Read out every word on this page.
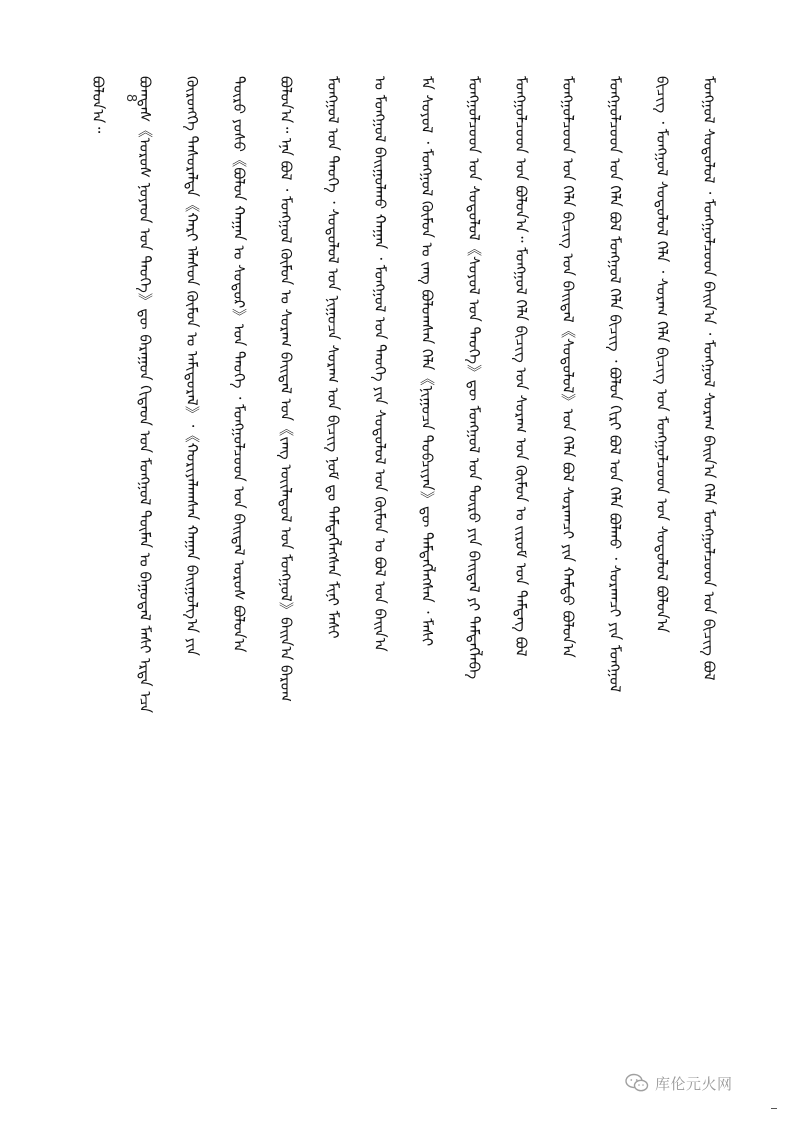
8
ᠪᠣᠯᠤᠨ᠎ᠠ᠃ ᠪᠣᠭᠳᠠᠰ《ᠤᠷᠤᠰ ᠨᠣᠶᠠᠳ ᠤᠨ ᠲᠡᠦᠬᠡ》ᠳᠦ ᠪᠠᠷᠠᠭᠤᠨ ᠬᠢᠲᠠᠳ ᠤᠨ ᠮᠣᠩᠭᠣᠯ ᠲᠦᠮᠡᠨ ᠤ ᠪᠠᠭᠤᠳᠠᠯ ᠮᠠᠰᠢ ᠡᠷᠲᠡ ᠡᠴᠡ ᠬᠥᠷᠦᠩᠭᠡ ᠲᠠᠰᠤᠷᠠᠯᠲᠠ《ᠬᠠᠷᠢ ᠡᠯᠡᠰᠦᠨ ᠬᠦᠮᠦᠨ ᠤ ᠠᠮᠢᠳᠤᠷᠠᠯ》᠂《ᠬᠣᠷᠢᠶᠠᠯᠠᠭᠰᠠᠨ ᠬᠠᠭᠠᠨ ᠪᠠᠢᠭᠤᠯᠭ᠎ᠠ ᠶᠢᠨ ᠲᠦᠷᠦ ᠶᠣᠰᠣ《ᠪᠣᠯᠤᠨ ᠬᠠᠭᠠᠨ ᠤ ᠰᠤᠳᠤᠷ》ᠤᠨ ᠲᠡᠦᠬᠡ ᠂ ᠮᠣᠩᠭᠣᠯᠴᠤᠳ ᠤᠨ ᠪᠠᠢᠳᠠᠯ ᠤᠷᠤᠰ ᠪᠣᠯᠤᠨ᠎ᠠ ᠪᠣᠯᠤᠨ᠎ᠠ᠃ ᠡᠨᠡ ᠪᠣᠯ ᠂ ᠮᠣᠩᠭᠣᠯ ᠬᠦᠮᠦᠨ ᠤ ᠰᠤᠷᠠᠭ ᠪᠠᠢᠳᠠᠯ ᠤᠨ《ᠵᠠᠩ ᠦᠢᠯᠡᠳᠦᠯ ᠤᠨ ᠮᠣᠩᠭᠣᠯ》ᠪᠠᠢᠨ᠎ᠠ ᠪᠠᠷᠤᠭ ᠮᠣᠩᠭᠣᠯ ᠤᠨ ᠲᠡᠦᠬᠡ ᠂ ᠰᠤᠳᠤᠯᠤᠯ ᠤᠨ ᠨᠢᠭᠤᠴᠠ ᠰᠤᠷᠠᠭ ᠤᠨ ᠪᠢᠴᠢᠭ ᠨᠣᠮ ᠳᠤ ᠲᠡᠮᠳᠡᠭᠯᠡᠭᠰᠡᠨ ᠮᠢᠨᠢ ᠮᠠᠰᠢ ᠤ ᠮᠣᠩᠭᠣᠯ ᠪᠠᠢᠭᠤᠯᠬᠤ ᠬᠠᠭᠠᠨ ᠂ ᠮᠣᠩᠭᠣᠯ ᠤᠨ ᠲᠡᠦᠬᠡ ᠶᠢᠨ ᠰᠤᠳᠤᠯᠤᠯ ᠤᠨ ᠬᠦᠮᠦᠨ ᠤ ᠪᠣᠯ ᠤᠨ ᠪᠠᠢᠨ᠎ᠠ ᠮᠠ ᠰᠣᠶᠣᠯ ᠂ ᠮᠣᠩᠭᠣᠯ ᠬᠦᠮᠦᠨ ᠤ ᠵᠠᠩ ᠪᠣᠯᠤᠭᠰᠠᠨ ᠬᠡᠯᠡ《ᠨᠢᠭᠤᠴᠠ ᠲᠣᠪᠴᠢᠶᠠᠨ》ᠳᠦ ᠲᠡᠮᠳᠡᠭᠯᠡᠭᠰᠡᠨ ᠂ ᠮᠠᠰᠢ ᠮᠣᠩᠭᠣᠯᠴᠤᠳ ᠤᠨ ᠰᠤᠳᠤᠯᠤᠯ《ᠰᠣᠶᠣᠯ ᠤᠨ ᠲᠡᠦᠬᠡ》ᠳᠦ ᠮᠣᠩᠭᠣᠯ ᠤᠨ ᠲᠦᠷᠦ ᠶᠢᠨ ᠪᠠᠢᠳᠠᠯ ᠶᠢ ᠲᠡᠮᠳᠡᠭᠯᠡᠪᠡ ᠮᠣᠩᠭᠣᠯᠴᠤᠳ ᠤᠨ ᠪᠣᠯᠤᠨ᠎ᠠ᠃ ᠮᠣᠩᠭᠣᠯ ᠬᠡᠯᠡ ᠪᠢᠴᠢᠭ ᠤᠨ ᠰᠤᠷᠠᠭ ᠤᠨ ᠬᠦᠮᠦᠨ ᠤ ᠵᠢᠷᠤᠮ ᠤᠨ ᠲᠡᠮᠳᠡᠭ ᠪᠣᠯ ᠮᠣᠩᠭᠣᠯᠴᠤᠳ ᠤᠨ ᠬᠡᠯᠡ ᠪᠢᠴᠢᠭ ᠤᠨ ᠪᠠᠢᠳᠠᠯ《ᠰᠤᠳᠤᠯᠤᠯ》ᠤᠨ ᠬᠡᠯᠡ ᠪᠣᠯ ᠰᠤᠷᠠᠭᠴᠢ ᠶᠢᠨ ᠬᠠᠮᠲᠤ ᠪᠣᠯᠤᠨ᠎ᠠ ᠮᠣᠩᠭᠣᠯᠴᠤᠳ ᠤᠨ ᠬᠡᠯᠡ ᠪᠣᠯ ᠮᠣᠩᠭᠣᠯ ᠬᠡᠯᠡ ᠪᠢᠴᠢᠭ ᠂ ᠪᠣᠯᠤᠨ ᠬᠢᠷᠢ ᠪᠣᠯ ᠤᠨ ᠬᠡᠯᠡ ᠪᠣᠯᠬᠤ ᠂ ᠰᠤᠷᠠᠭᠴᠢ ᠶᠢᠨ ᠮᠣᠩᠭᠣᠯ ᠪᠢᠴᠢᠭ ᠂ ᠮᠣᠩᠭᠣᠯ ᠰᠤᠳᠤᠯᠤᠯ ᠬᠡᠯᠡ ᠂ ᠰᠤᠷᠠᠭ ᠬᠡᠯᠡ ᠪᠢᠴᠢᠭ ᠤᠨ ᠮᠣᠩᠭᠣᠯᠴᠤᠳ ᠤᠨ ᠰᠤᠳᠤᠯᠤᠯ ᠪᠣᠯᠤᠨ᠎ᠠ ᠮᠣᠩᠭᠣᠯ ᠰᠤᠳᠤᠯᠤᠯ ᠂ ᠮᠣᠩᠭᠣᠯᠴᠤᠳ ᠪᠠᠢᠨ᠎ᠠ ᠂ ᠮᠣᠩᠭᠣᠯ ᠰᠤᠷᠠᠭ ᠪᠠᠢᠨ᠎ᠠ ᠬᠡᠯᠡ ᠮᠣᠩᠭᠣᠯᠴᠤᠳ ᠤᠨ ᠪᠢᠴᠢᠭ ᠪᠣᠯ
库伦元火网
